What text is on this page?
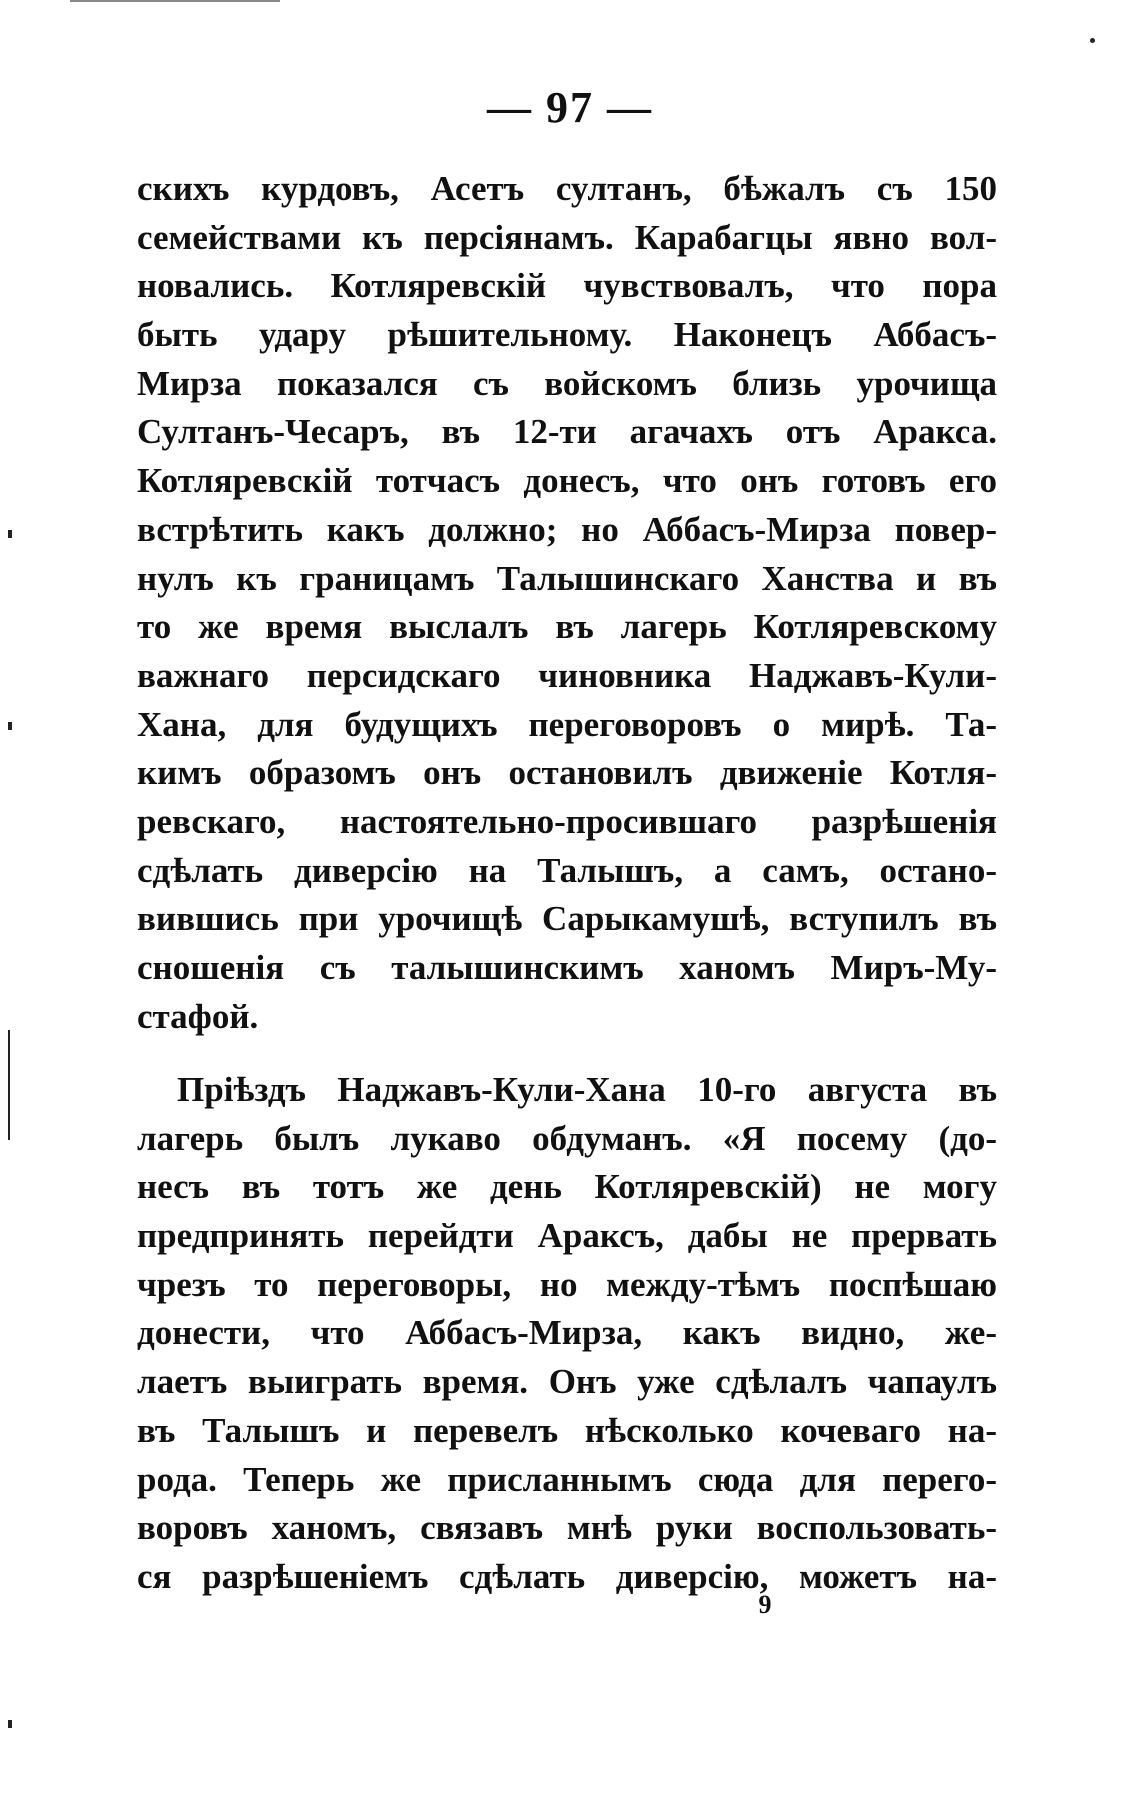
— 97 —
скихъ курдовъ, Асетъ султанъ, бѣжалъ съ 150
семействами къ персіянамъ. Карабагцы явно вол-
новались. Котляревскій чувствовалъ, что пора
быть удару рѣшительному. Наконецъ Аббасъ-
Мирза показался съ войскомъ близь урочища
Султанъ-Чесаръ, въ 12-ти агачахъ отъ Аракса.
Котляревскій тотчасъ донесъ, что онъ готовъ его
встрѣтить какъ должно; но Аббасъ-Мирза повер-
нулъ къ границамъ Талышинскаго Ханства и въ
то же время выслалъ въ лагерь Котляревскому
важнаго персидскаго чиновника Наджавъ-Кули-
Хана, для будущихъ переговоровъ о мирѣ. Та-
кимъ образомъ онъ остановилъ движеніе Котля-
ревскаго, настоятельно-просившаго разрѣшенія
сдѣлать диверсію на Талышъ, а самъ, остано-
вившись при урочищѣ Сарыкамушѣ, вступилъ въ
сношенія съ талышинскимъ ханомъ Миръ-Му-
стафой.
Пріѣздъ Наджавъ-Кули-Хана 10-го августа въ
лагерь былъ лукаво обдуманъ. «Я посему (до-
несъ въ тотъ же день Котляревскій) не могу
предпринять перейдти Араксъ, дабы не прервать
чрезъ то переговоры, но между-тѣмъ поспѣшаю
донести, что Аббасъ-Мирза, какъ видно, же-
лаетъ выиграть время. Онъ уже сдѣлалъ чапаулъ
въ Талышъ и перевелъ нѣсколько кочеваго на-
рода. Теперь же присланнымъ сюда для перего-
воровъ ханомъ, связавъ мнѣ руки воспользовать-
ся разрѣшеніемъ сдѣлать диверсію, можетъ на-
9
